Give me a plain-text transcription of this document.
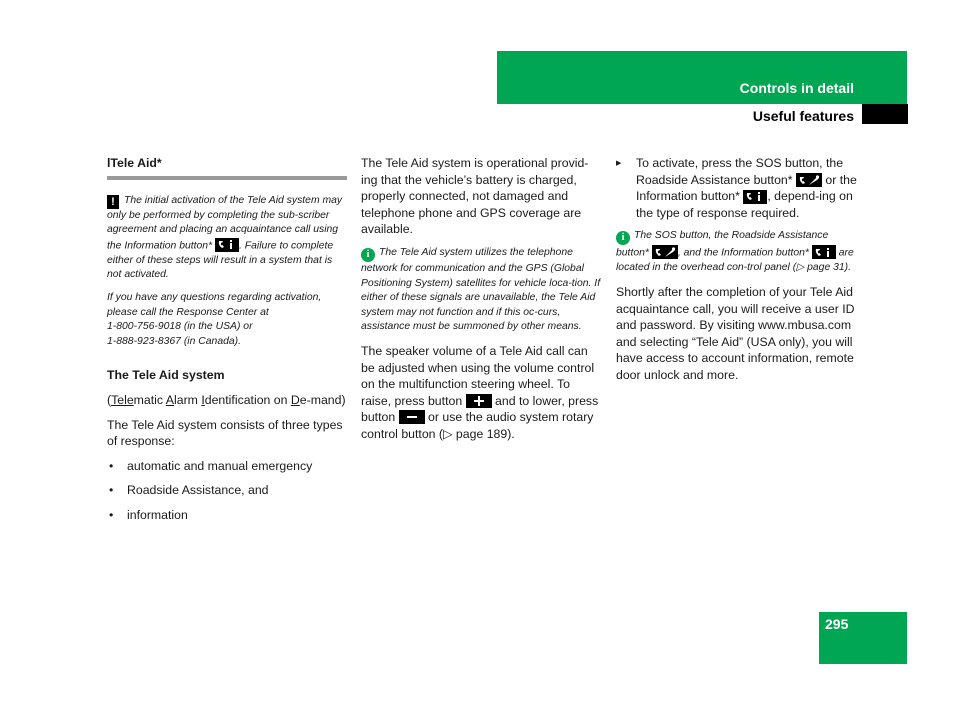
Controls in detail
Useful features
lTele Aid*

! The initial activation of the Tele Aid system may only be performed by completing the sub-scriber agreement and placing an acquaintance call using the Information button*	. Failure to complete either of these steps will result in a system that is not activated.

If you have any questions regarding activation, please call the Response Center at
1-800-756-9018 (in the USA) or
1-888-923-8367 (in Canada).

The Tele Aid system

(Telematic Alarm Identification on De-mand)

The Tele Aid system consists of three types of response:

• automatic and manual emergency
• Roadside Assistance, and
• information

The Tele Aid system is operational provid-ing that the vehicle’s battery is charged, properly connected, not damaged and telephone phone and GPS coverage are available.

i The Tele Aid system utilizes the telephone network for communication and the GPS (Global Positioning System) satellites for vehicle loca-tion. If either of these signals are unavailable, the Tele Aid system may not function and if this oc-curs, assistance must be summoned by other means.

The speaker volume of a Tele Aid call can be adjusted when using the volume control on the multifunction steering wheel. To raise, press button	and to lower, press button	or use the audio system rotary control button (▷ page 189).

▶ To activate, press the SOS button, the Roadside Assistance button*	or the Information button* , depend-ing on the type of response required.

i The SOS button, the Roadside Assistance button*	, and the Information button*	are located in the overhead con-trol panel (▷ page 31).

Shortly after the completion of your Tele Aid acquaintance call, you will receive a user ID and password. By visiting www.mbusa.com and selecting “Tele Aid” (USA only), you will have access to account information, remote door unlock and more.

295
